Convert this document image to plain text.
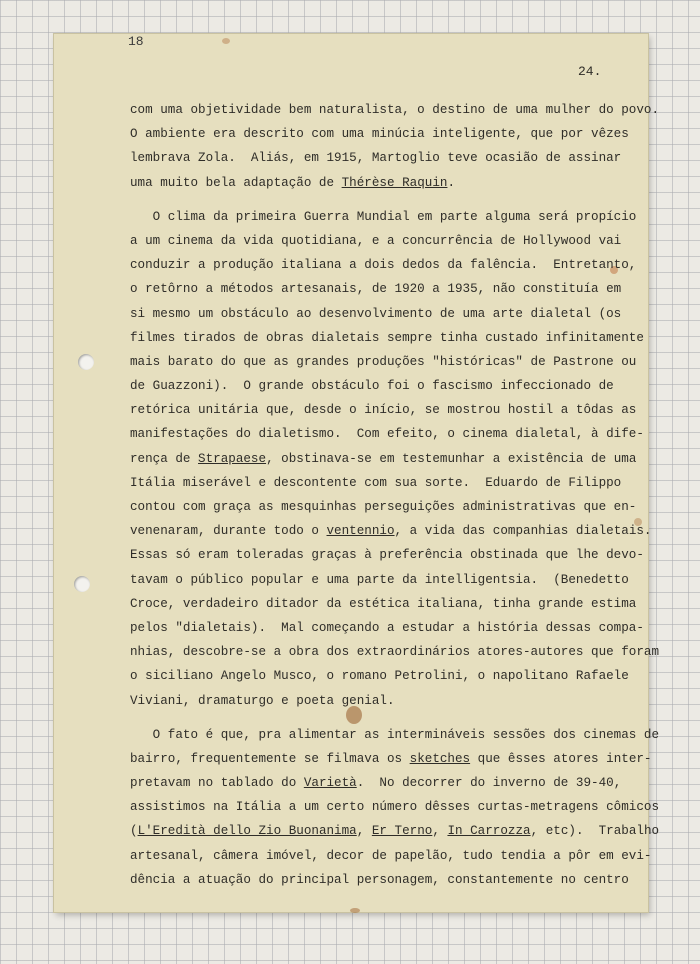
18
24.
com uma objetividade bem naturalista, o destino de uma mulher do povo.
O ambiente era descrito com uma minúcia inteligente, que por vêzes
lembrava Zola.  Aliás, em 1915, Martoglio teve ocasião de assinar
uma muito bela adaptação de Thérèse Raquin.
O clima da primeira Guerra Mundial em parte alguma será propício
a um cinema da vida quotidiana, e a concurrência de Hollywood vai
conduzir a produção italiana a dois dedos da falência.  Entretanto,
o retôrno a métodos artesanais, de 1920 a 1935, não constituía em
si mesmo um obstáculo ao desenvolvimento de uma arte dialetal (os
filmes tirados de obras dialetais sempre tinha custado infinitamente
mais barato do que as grandes produções "históricas" de Pastrone ou
de Guazzoni).  O grande obstáculo foi o fascismo infeccionado de
retórica unitária que, desde o início, se mostrou hostil a tôdas as
manifestações do dialetismo.  Com efeito, o cinema dialetal, à dife-
rença de Strapaese, obstinava-se em testemunhar a existência de uma
Itália miserável e descontente com sua sorte.  Eduardo de Filippo
contou com graça as mesquinhas perseguições administrativas que en-
venenaram, durante todo o ventennio, a vida das companhias dialetais.
Essas só eram toleradas graças à preferência obstinada que lhe devo-
tavam o público popular e uma parte da intelligentsia.  (Benedetto
Croce, verdadeiro ditador da estética italiana, tinha grande estima
pelos "dialetais).  Mal começando a estudar a história dessas compa-
nhias, descobre-se a obra dos extraordinários atores-autores que foram
o siciliano Angelo Musco, o romano Petrolini, o napolitano Rafaele
Viviani, dramaturgo e poeta genial.
O fato é que, pra alimentar as intermináveis sessões dos cinemas de
bairro, frequentemente se filmava os sketches que êsses atores inter-
pretavam no tablado do Varietà.  No decorrer do inverno de 39-40,
assistimos na Itália a um certo número dêsses curtas-metragens cômicos
(L'Eredità dello Zio Buonanima, Er Terno, In Carrozza, etc).  Trabalho
artesanal, câmera imóvel, decor de papelão, tudo tendia a pôr em evi-
dência a atuação do principal personagem, constantemente no centro
